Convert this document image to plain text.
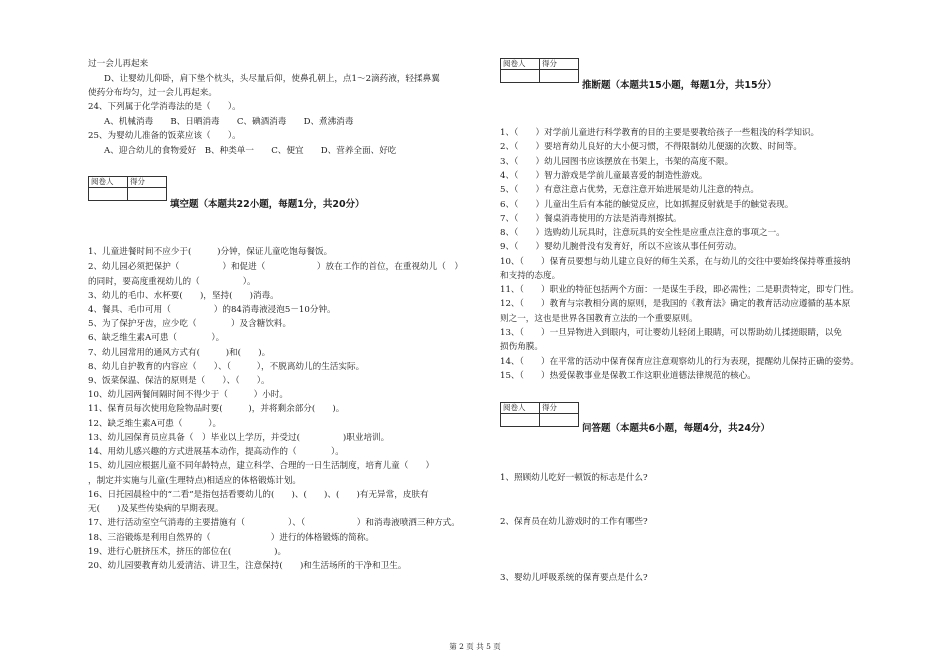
过一会儿再起来
D、让婴幼儿仰卧，肩下垫个枕头，头尽量后仰，使鼻孔朝上，点1～2滴药液，轻揉鼻翼
使药分布均匀，过一会儿再起来。
24、下列属于化学消毒法的是（　　）。
A、机械消毒　　B、日晒消毒　　C、碘酒消毒　　D、煮沸消毒
25、为婴幼儿准备的饭菜应该（　　）。
A、迎合幼儿的食物爱好　B、种类单一　　C、便宜　　D、营养全面、好吃
阅卷人	得分

填空题（本题共22小题，每题1分，共20分）
1、儿童进餐时间不应少于(　　　)分钟，保证儿童吃饱每餐饭。
2、幼儿园必须把保护（　　　　　）和促进（　　　　　　）放在工作的首位，在重视幼儿（　）
的同时，要高度重视幼儿的（　　　　　）。
3、幼儿的毛巾、水杯要(　　)，坚持(　　)消毒。
4、餐具、毛巾可用（　　　　　）的84消毒液浸泡5－10分钟。
5、为了保护牙齿，应少吃（　　　　）及含糖饮料。
6、缺乏维生素A可患（　　　　）。
7、幼儿园常用的通风方式有(　　　)和(　　)。
8、幼儿自护教育的内容应（　　）、（　　　），不脱离幼儿的生活实际。
9、饭菜保温、保洁的原则是（　　）、（　　）。
10、幼儿园两餐间隔时间不得少于（　　　）小时。
11、保育员每次使用危险物品时要(　　　)，并将剩余部分(　　)。
12、缺乏维生素A可患（　　　）。
13、幼儿园保育员应具备（　）毕业以上学历，并受过(　　　　　)职业培训。
14、用幼儿感兴趣的方式进展基本动作，提高动作的（　　　　）。
15、幼儿园应根据儿童不同年龄特点，建立科学、合理的一日生活制度，培育儿童（　　）
，制定并实施与儿童(生理特点)相适应的体格锻炼计划。
16、日托园晨检中的“二看”是指包括看婴幼儿的(　　)、(　　)、(　　)有无异常，皮肤有
无(　　)及某些传染病的早期表现。
17、进行活动室空气消毒的主要措施有（　　　　　）、（　　　　　　）和消毒液喷洒三种方式。
18、三浴锻炼是利用自然界的（　　　　　　　）进行的体格锻炼的简称。
19、进行心脏挤压术，挤压的部位在(　　　　　)。
20、幼儿园要教育幼儿爱清洁、讲卫生，注意保持(　　)和生活场所的干净和卫生。
阅卷人	得分

推断题（本题共15小题，每题1分，共15分）
1、（　　）对学前儿童进行科学教育的目的主要是要教给孩子一些粗浅的科学知识。
2、（　　）要培育幼儿良好的大小便习惯，不得限制幼儿便溺的次数、时间等。
3、（　　）幼儿园图书应该摆放在书架上，书架的高度不限。
4、（　　）智力游戏是学前儿童最喜爱的制造性游戏。
5、（　　）有意注意占优势，无意注意开始进展是幼儿注意的特点。
6、（　　）儿童出生后有本能的触觉反应，比如抓握反射就是手的触觉表现。
7、（　　）餐桌消毒使用的方法是消毒剂擦拭。
8、（　　）选购幼儿玩具时，注意玩具的安全性是应重点注意的事项之一。
9、（　　）婴幼儿腕骨没有发育好，所以不应该从事任何劳动。
10、（　　）保育员要想与幼儿建立良好的师生关系，在与幼儿的交往中要始终保持尊重接纳
和支持的态度。
11、（　　）职业的特征包括两个方面：一是谋生手段，即必需性；二是职责特定，即专门性。
12、（　　）教育与宗教相分离的原则，是我国的《教育法》确定的教育活动应遵循的基本原
则之一，这也是世界各国教育立法的一个重要原则。
13、（　　）一旦异物进入到眼内，可让婴幼儿轻闭上眼睛，可以帮助幼儿揉搓眼睛，以免
损伤角膜。
14、（　　）在平常的活动中保育保育应注意观察幼儿的行为表现，提醒幼儿保持正确的姿势。
15、（　　）热爱保教事业是保教工作这职业道德法律规范的核心。
阅卷人	得分

问答题（本题共6小题，每题4分，共24分）
1、照顾幼儿吃好一顿饭的标志是什么?
2、保育员在幼儿游戏时的工作有哪些?
3、婴幼儿呼吸系统的保育要点是什么?
第 2 页 共 5 页
